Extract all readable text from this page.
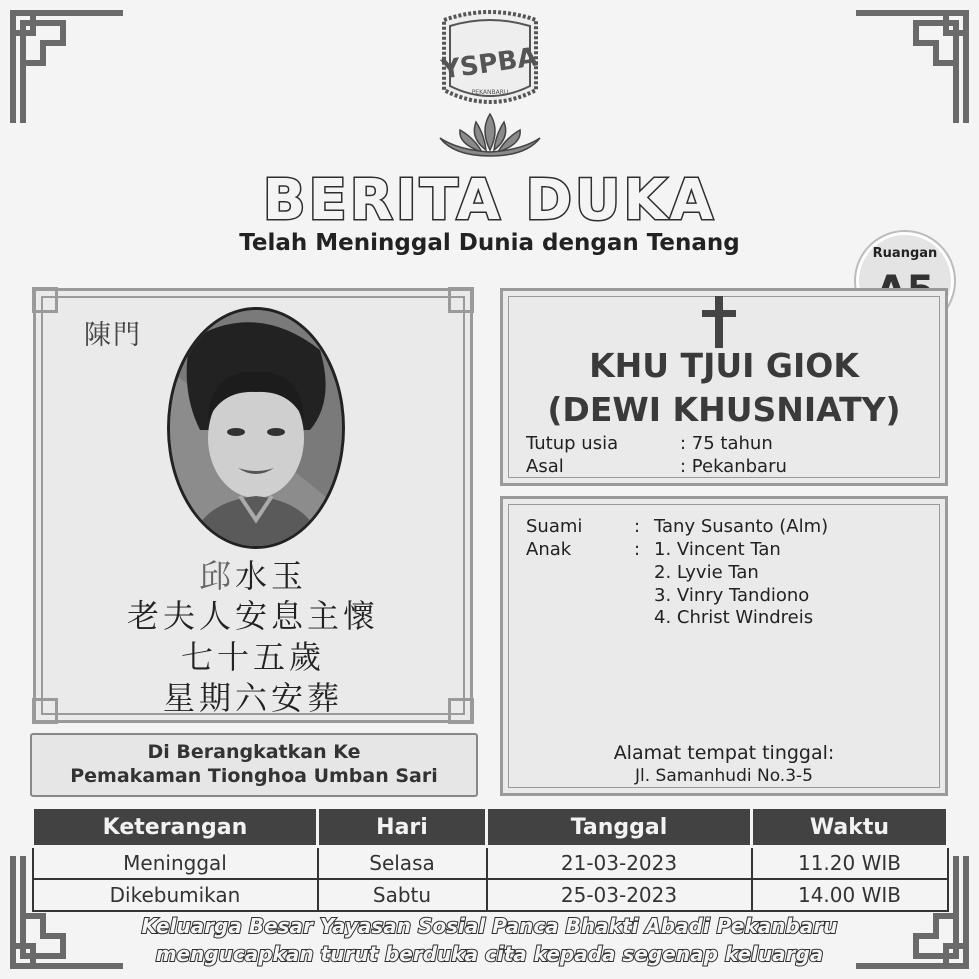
YSPBA
PEKANBARU
BERITA DUKA
Telah Meninggal Dunia dengan Tenang	Ruangan
陳門
邱水玉
老夫人安息主懷
七十五歲
星期六安葬
Di Berangkatkan Ke
Pemakaman Tionghoa Umban Sari
KHU TJUI GIOK
(DEWI KHUSNIATY)
Tutup usia	: 75 tahun
Asal	: Pekanbaru
Suami	: Tany Susanto (Alm)
Anak	: 1. Vincent Tan
2. Lyvie Tan
3. Vinry Tandiono
4. Christ Windreis
Alamat tempat tinggal:
Jl. Samanhudi No.3-5
Keterangan	Hari	Tanggal	Waktu
Meninggal	Selasa	21-03-2023	11.20 WIB
Dikebumikan	Sabtu	25-03-2023	14.00 WIB
Keluarga Besar Yayasan Sosial Panca Bhakti Abadi Pekanbaru
mengucapkan turut berduka cita kepada segenap keluarga
